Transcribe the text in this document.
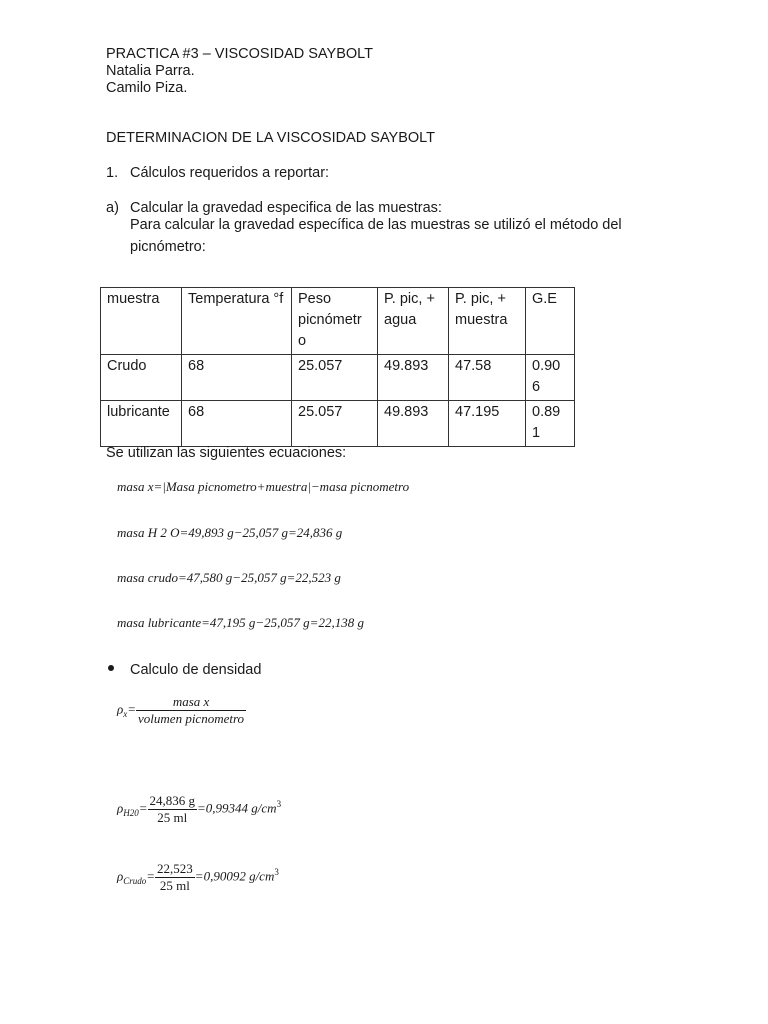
PRACTICA #3 – VISCOSIDAD SAYBOLT
Natalia Parra.
Camilo Piza.
DETERMINACION DE LA VISCOSIDAD SAYBOLT
1. Cálculos requeridos a reportar:
a) Calcular la gravedad especifica de las muestras:
Para calcular la gravedad específica de las muestras se utilizó el método del
picnómetro:
muestra	Temperatura °f	Peso picnómetr o	P. pic, + agua	P. pic, + muestra	G.E
Crudo	68	25.057	49.893	47.58	0.90 6
lubricante	68	25.057	49.893	47.195	0.89 1
Se utilizan las siguientes ecuaciones:
masa x=|Masa picnometro+muestra|−masa picnometro
masa H 2 O=49,893 g−25,057 g=24,836 g
masa crudo=47,580 g−25,057 g=22,523 g
masa lubricante=47,195 g−25,057 g=22,138 g
Calculo de densidad
$\rho_x= \frac{\text{masa x}}{\text{volumen picnometro}}$
$\rho_{H20}= \frac{24,836 g}{25 ml} =0,99344$ $g/cm^3$
$\rho_{Crudo}= \frac{22,523}{25 ml} =0,90092$ $g/cm^3$
